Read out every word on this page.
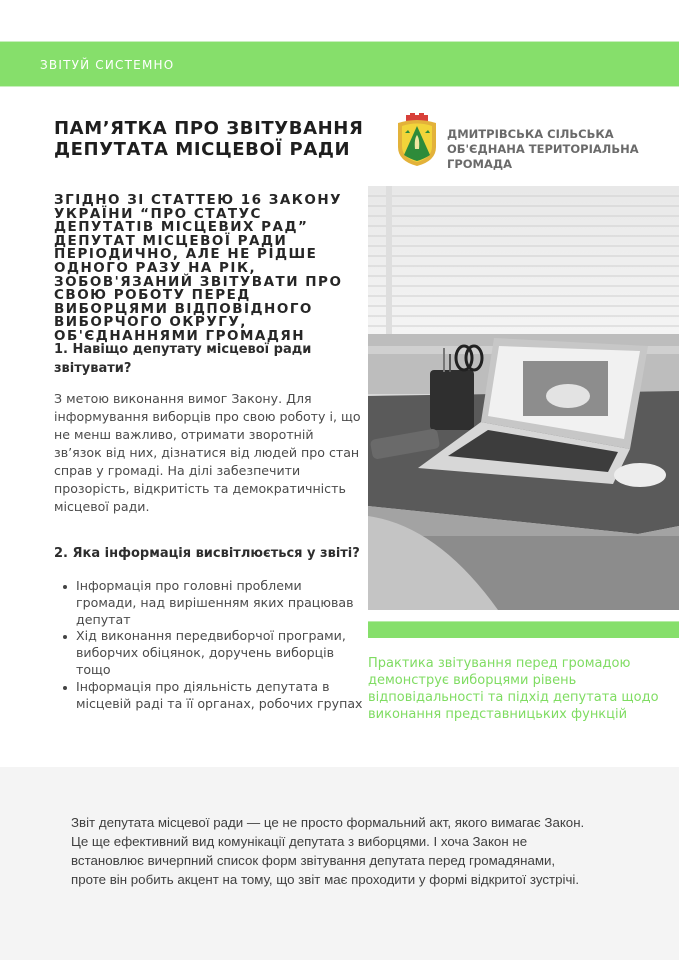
ЗВІТУЙ СИСТЕМНО
ПАМ’ЯТКА ПРО ЗВІТУВАННЯ ДЕПУТАТА МІСЦЕВОЇ РАДИ
ДМИТРІВСЬКА СІЛЬСЬКА ОБ'ЄДНАНА ТЕРИТОРІАЛЬНА ГРОМАДА

ЗГІДНО ЗІ СТАТТЕЮ 16 ЗАКОНУ УКРАЇНИ “ПРО СТАТУС ДЕПУТАТІВ МІСЦЕВИХ РАД” ДЕПУТАТ МІСЦЕВОЇ РАДИ ПЕРІОДИЧНО, АЛЕ НЕ РІДШЕ ОДНОГО РАЗУ НА РІК, ЗОБОВ'ЯЗАНИЙ ЗВІТУВАТИ ПРО СВОЮ РОБОТУ ПЕРЕД ВИБОРЦЯМИ ВІДПОВІДНОГО ВИБОРЧОГО ОКРУГУ, ОБ'ЄДНАННЯМИ ГРОМАДЯН

1. Навіщо депутату місцевої ради звітувати?

З метою виконання вимог Закону. Для інформування виборців про свою роботу і, що не менш важливо, отримати зворотній зв’язок від них, дізнатися від людей про стан справ у громаді. На ділі забезпечити прозорість, відкритість та демократичність місцевої ради.

2. Яка інформація висвітлюється у звіті?
Інформація про головні проблеми громади, над вирішенням яких працював депутат
Хід виконання передвиборчої програми, виборчих обіцянок, доручень виборців тощо
Інформація про діяльність депутата в місцевій раді та її органах, робочих групах

Практика звітування перед громадою демонструє виборцями рівень відповідальності та підхід депутата щодо виконання представницьких функцій

Звіт депутата місцевої ради — це не просто формальний акт, якого вимагає Закон. Це ще ефективний вид комунікації депутата з виборцями. І хоча Закон не встановлює вичерпний список форм звітування депутата перед громадянами, проте він робить акцент на тому, що звіт має проходити у формі відкритої зустрічі.
